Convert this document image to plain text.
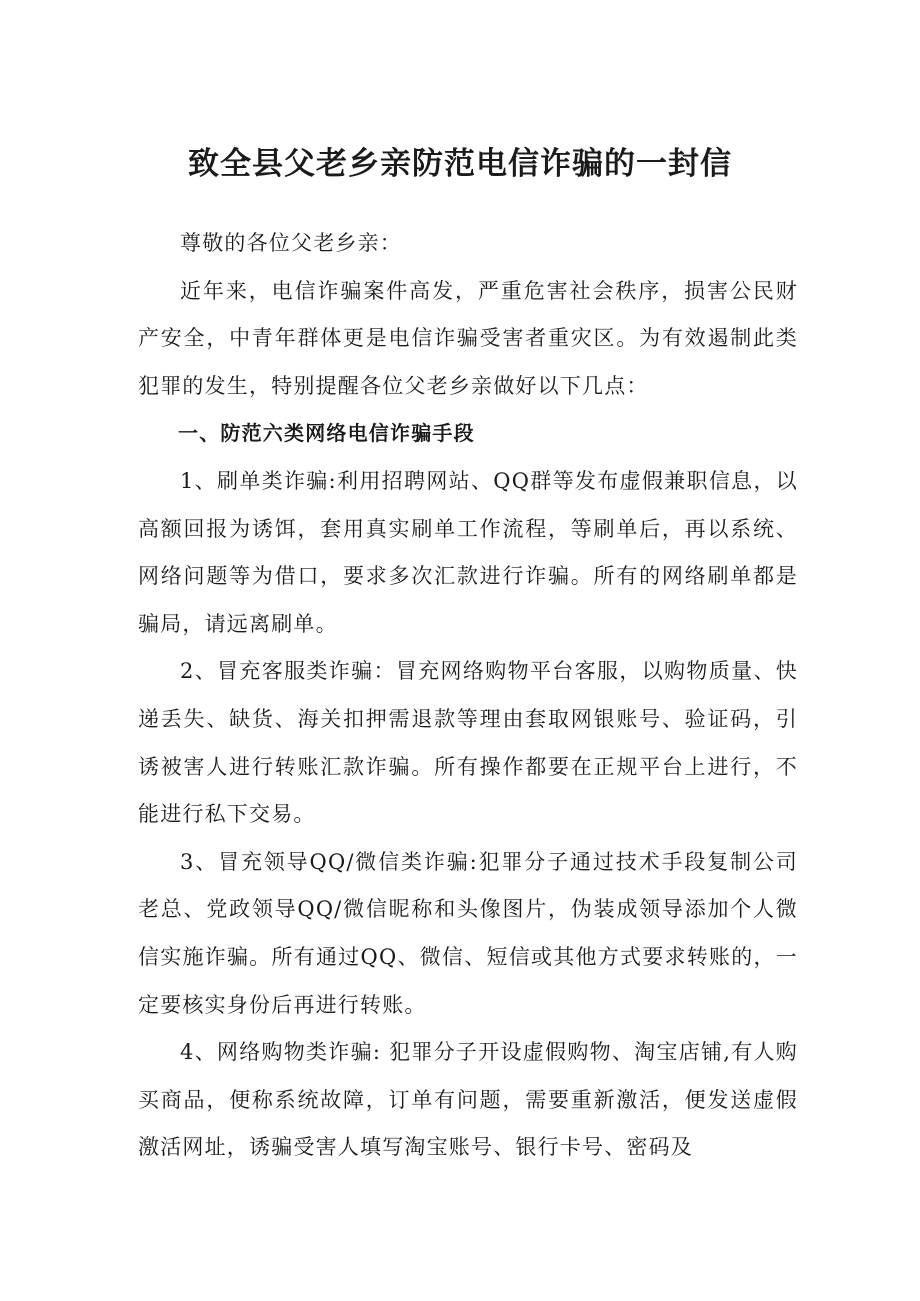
致全县父老乡亲防范电信诈骗的一封信

尊敬的各位父老乡亲：

近年来，电信诈骗案件高发，严重危害社会秩序，损害公民财产安全，中青年群体更是电信诈骗受害者重灾区。为有效遏制此类犯罪的发生，特别提醒各位父老乡亲做好以下几点：

一、防范六类网络电信诈骗手段

1、刷单类诈骗:利用招聘网站、QQ群等发布虚假兼职信息，以高额回报为诱饵，套用真实刷单工作流程，等刷单后，再以系统、网络问题等为借口，要求多次汇款进行诈骗。所有的网络刷单都是骗局，请远离刷单。

2、冒充客服类诈骗：冒充网络购物平台客服，以购物质量、快递丢失、缺货、海关扣押需退款等理由套取网银账号、验证码，引诱被害人进行转账汇款诈骗。所有操作都要在正规平台上进行，不能进行私下交易。

3、冒充领导QQ/微信类诈骗:犯罪分子通过技术手段复制公司老总、党政领导QQ/微信昵称和头像图片，伪装成领导添加个人微信实施诈骗。所有通过QQ、微信、短信或其他方式要求转账的，一定要核实身份后再进行转账。

4、网络购物类诈骗: 犯罪分子开设虚假购物、淘宝店铺,有人购买商品，便称系统故障，订单有问题，需要重新激活，便发送虚假激活网址，诱骗受害人填写淘宝账号、银行卡号、密码及
